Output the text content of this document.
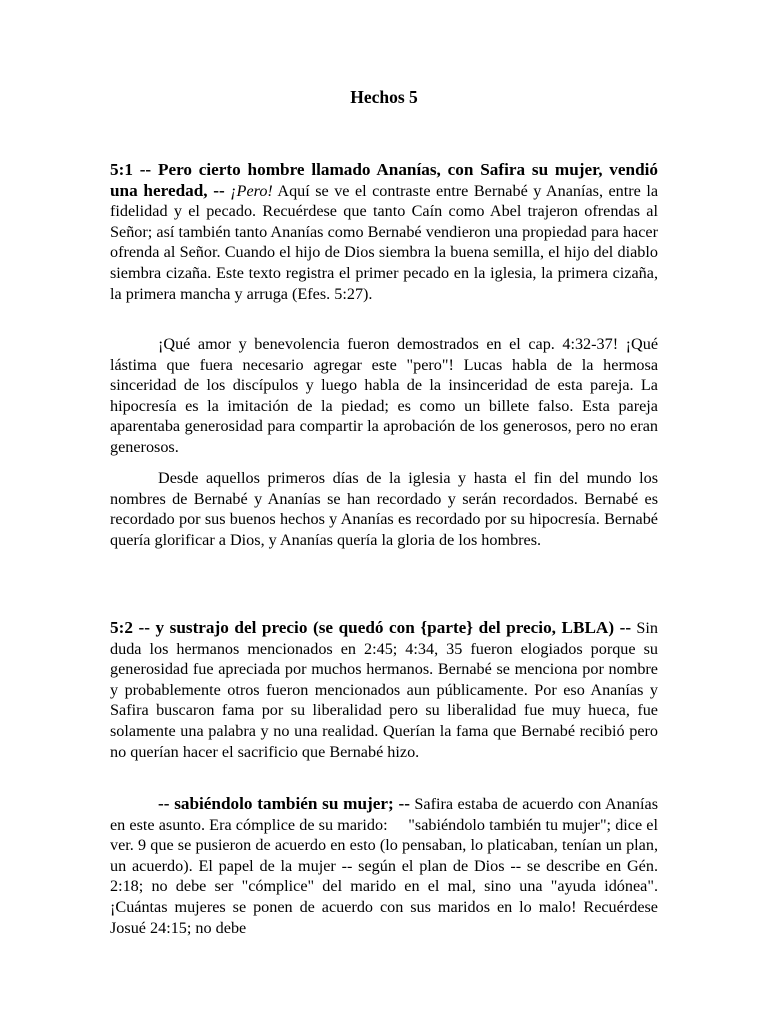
Hechos 5

5:1 -- Pero cierto hombre llamado Ananías, con Safira su mujer, vendió una heredad, -- ¡Pero! Aquí se ve el contraste entre Bernabé y Ananías, entre la fidelidad y el pecado. Recuérdese que tanto Caín como Abel trajeron ofrendas al Señor; así también tanto Ananías como Bernabé vendieron una propiedad para hacer ofrenda al Señor. Cuando el hijo de Dios siembra la buena semilla, el hijo del diablo siembra cizaña. Este texto registra el primer pecado en la iglesia, la primera cizaña, la primera mancha y arruga (Efes. 5:27).

¡Qué amor y benevolencia fueron demostrados en el cap. 4:32-37! ¡Qué lástima que fuera necesario agregar este "pero"! Lucas habla de la hermosa sinceridad de los discípulos y luego habla de la insinceridad de esta pareja. La hipocresía es la imitación de la piedad; es como un billete falso. Esta pareja aparentaba generosidad para compartir la aprobación de los generosos, pero no eran generosos.

Desde aquellos primeros días de la iglesia y hasta el fin del mundo los nombres de Bernabé y Ananías se han recordado y serán recordados. Bernabé es recordado por sus buenos hechos y Ananías es recordado por su hipocresía. Bernabé quería glorificar a Dios, y Ananías quería la gloria de los hombres.

5:2 -- y sustrajo del precio (se quedó con {parte} del precio, LBLA) -- Sin duda los hermanos mencionados en 2:45; 4:34, 35 fueron elogiados porque su generosidad fue apreciada por muchos hermanos. Bernabé se menciona por nombre y probablemente otros fueron mencionados aun públicamente. Por eso Ananías y Safira buscaron fama por su liberalidad pero su liberalidad fue muy hueca, fue solamente una palabra y no una realidad. Querían la fama que Bernabé recibió pero no querían hacer el sacrificio que Bernabé hizo.

-- sabiéndolo también su mujer; -- Safira estaba de acuerdo con Ananías en este asunto. Era cómplice de su marido:     "sabiéndolo también tu mujer"; dice el ver. 9 que se pusieron de acuerdo en esto (lo pensaban, lo platicaban, tenían un plan, un acuerdo). El papel de la mujer -- según el plan de Dios -- se describe en Gén. 2:18; no debe ser "cómplice" del marido en el mal, sino una "ayuda idónea". ¡Cuántas mujeres se ponen de acuerdo con sus maridos en lo malo! Recuérdese Josué 24:15; no debe
